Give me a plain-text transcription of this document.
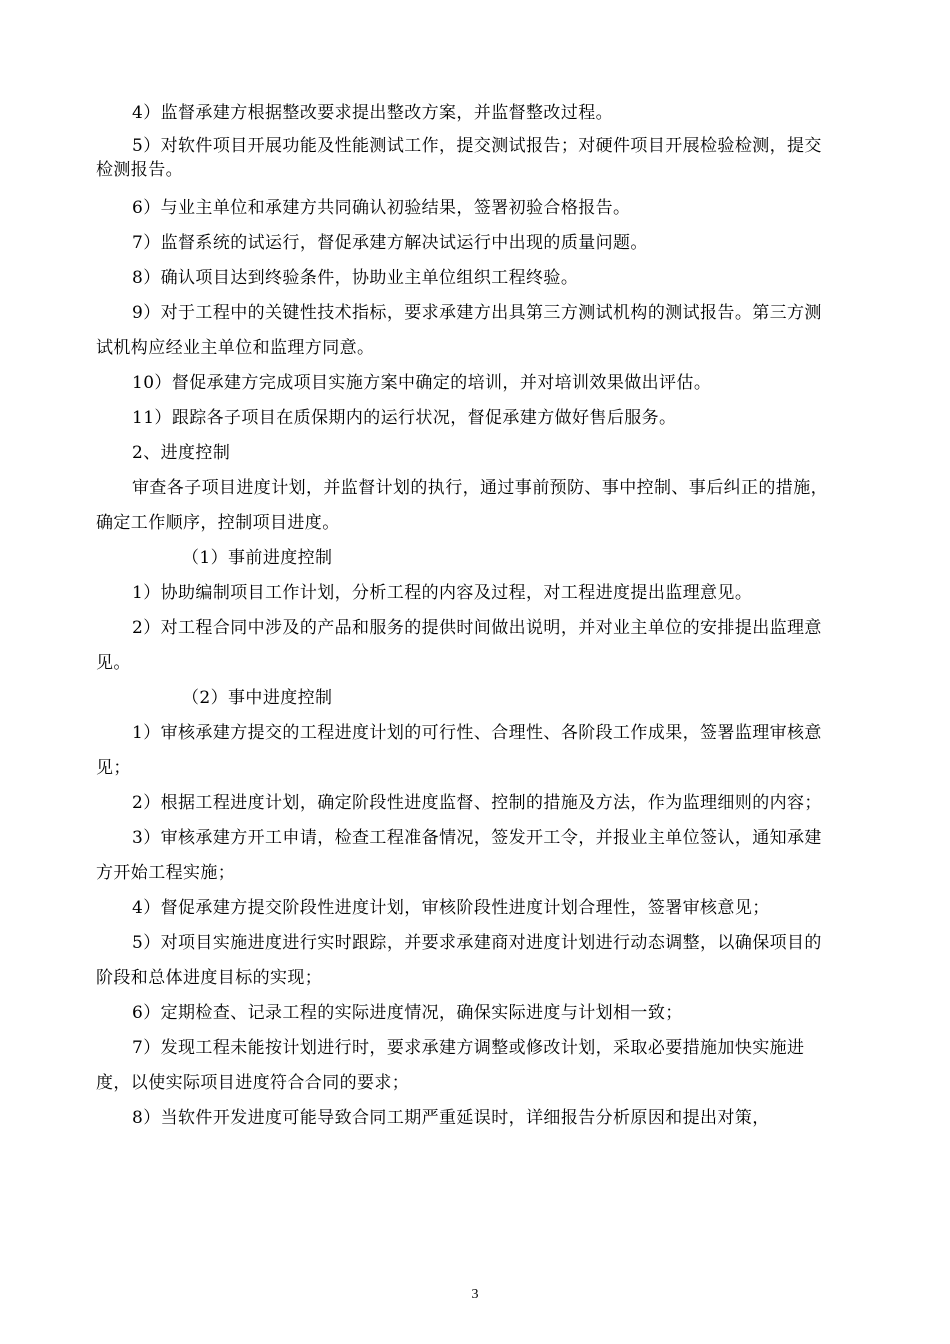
4）监督承建方根据整改要求提出整改方案，并监督整改过程。

5）对软件项目开展功能及性能测试工作，提交测试报告；对硬件项目开展检验检测，提交检测报告。

6）与业主单位和承建方共同确认初验结果，签署初验合格报告。

7）监督系统的试运行，督促承建方解决试运行中出现的质量问题。

8）确认项目达到终验条件，协助业主单位组织工程终验。

9）对于工程中的关键性技术指标，要求承建方出具第三方测试机构的测试报告。第三方测试机构应经业主单位和监理方同意。

10）督促承建方完成项目实施方案中确定的培训，并对培训效果做出评估。

11）跟踪各子项目在质保期内的运行状况，督促承建方做好售后服务。

2、进度控制

审查各子项目进度计划，并监督计划的执行，通过事前预防、事中控制、事后纠正的措施，确定工作顺序，控制项目进度。

（1）事前进度控制

1）协助编制项目工作计划，分析工程的内容及过程，对工程进度提出监理意见。

2）对工程合同中涉及的产品和服务的提供时间做出说明，并对业主单位的安排提出监理意见。

（2）事中进度控制

1）审核承建方提交的工程进度计划的可行性、合理性、各阶段工作成果，签署监理审核意见；

2）根据工程进度计划，确定阶段性进度监督、控制的措施及方法，作为监理细则的内容；

3）审核承建方开工申请，检查工程准备情况，签发开工令，并报业主单位签认，通知承建方开始工程实施；

4）督促承建方提交阶段性进度计划，审核阶段性进度计划合理性，签署审核意见；

5）对项目实施进度进行实时跟踪，并要求承建商对进度计划进行动态调整，以确保项目的阶段和总体进度目标的实现；

6）定期检查、记录工程的实际进度情况，确保实际进度与计划相一致；

7）发现工程未能按计划进行时，要求承建方调整或修改计划，采取必要措施加快实施进度，以使实际项目进度符合合同的要求；

8）当软件开发进度可能导致合同工期严重延误时，详细报告分析原因和提出对策，

3
